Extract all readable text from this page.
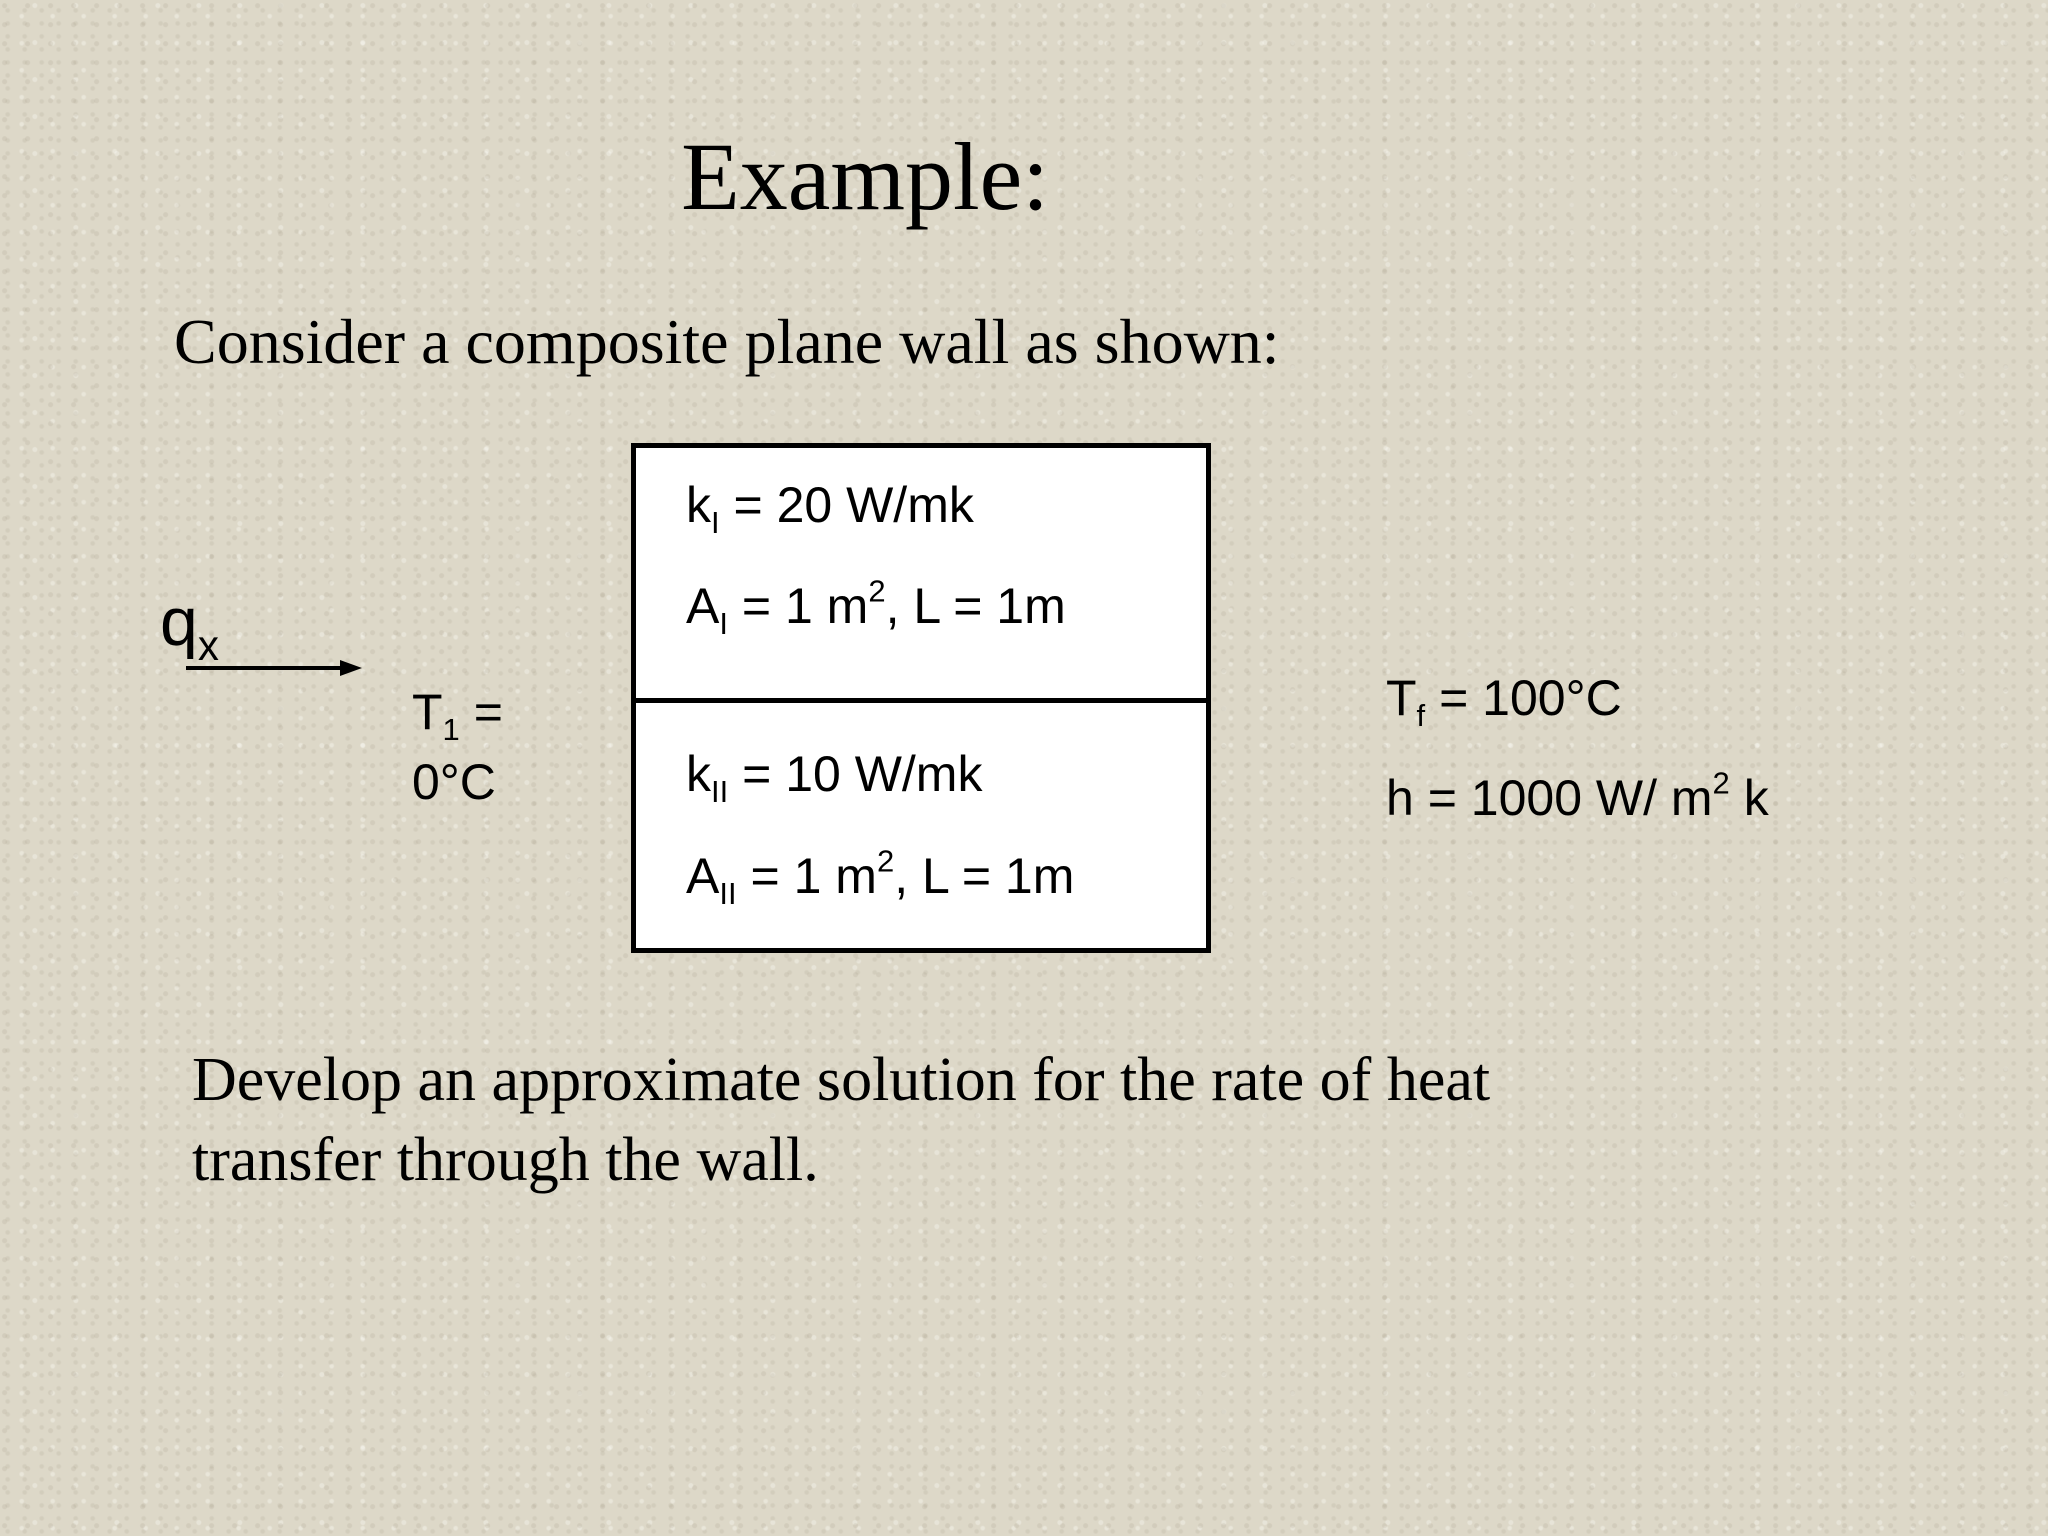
Example:
Consider a composite plane wall as shown:
$q_x$
$T_1$ =
0°C
$k_I = 20$ W/mk
$A_I = 1$ $m^2$, L = 1m
$k_{II} = 10$ W/mk
$A_{II} = 1$ $m^2$, L = 1m
$T_f = 100^\circ C$
h = 1000 W/ $m^2$ k
Develop an approximate solution for the rate of heat
transfer through the wall.
